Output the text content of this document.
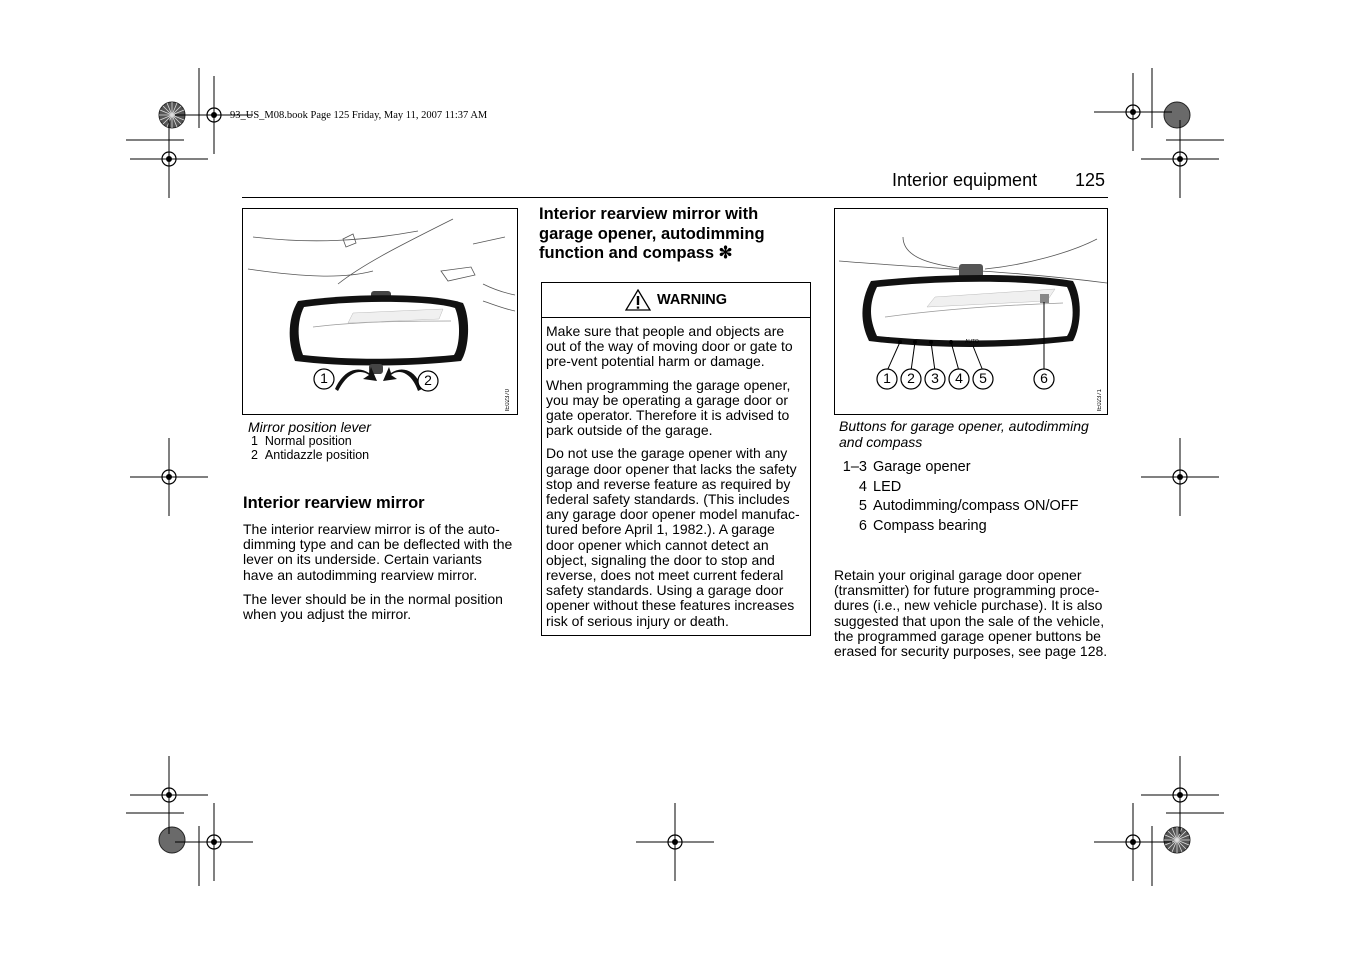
93_US_M08.book Page 125 Friday, May 11, 2007 11:37 AM
Interior equipment 125
1	2
IE02370
Mirror position lever
1 Normal position
2 Antidazzle position
Interior rearview mirror

The interior rearview mirror is of the auto-dimming type and can be deflected with the lever on its underside. Certain variants have an autodimming rearview mirror.

The lever should be in the normal position when you adjust the mirror.

Interior rearview mirror with garage opener, autodimming function and compass ✻
WARNING

Make sure that people and objects are out of the way of moving door or gate to pre-vent potential harm or damage.

When programming the garage opener, you may be operating a garage door or gate operator. Therefore it is advised to park outside of the garage.

Do not use the garage opener with any garage door opener that lacks the safety stop and reverse feature as required by federal safety standards. (This includes any garage door opener model manufac-tured before April 1, 1982.). A garage door opener which cannot detect an object, signaling the door to stop and reverse, does not meet current federal safety standards. Using a garage door opener without these features increases risk of serious injury or death.

AUTO
1	2	3	4	5	6
IE02371
Buttons for garage opener, autodimming and compass
1–3 Garage opener
4 LED
5 Autodimming/compass ON/OFF
6 Compass bearing

Retain your original garage door opener (transmitter) for future programming proce-dures (i.e., new vehicle purchase). It is also suggested that upon the sale of the vehicle, the programmed garage opener buttons be erased for security purposes, see page 128.
